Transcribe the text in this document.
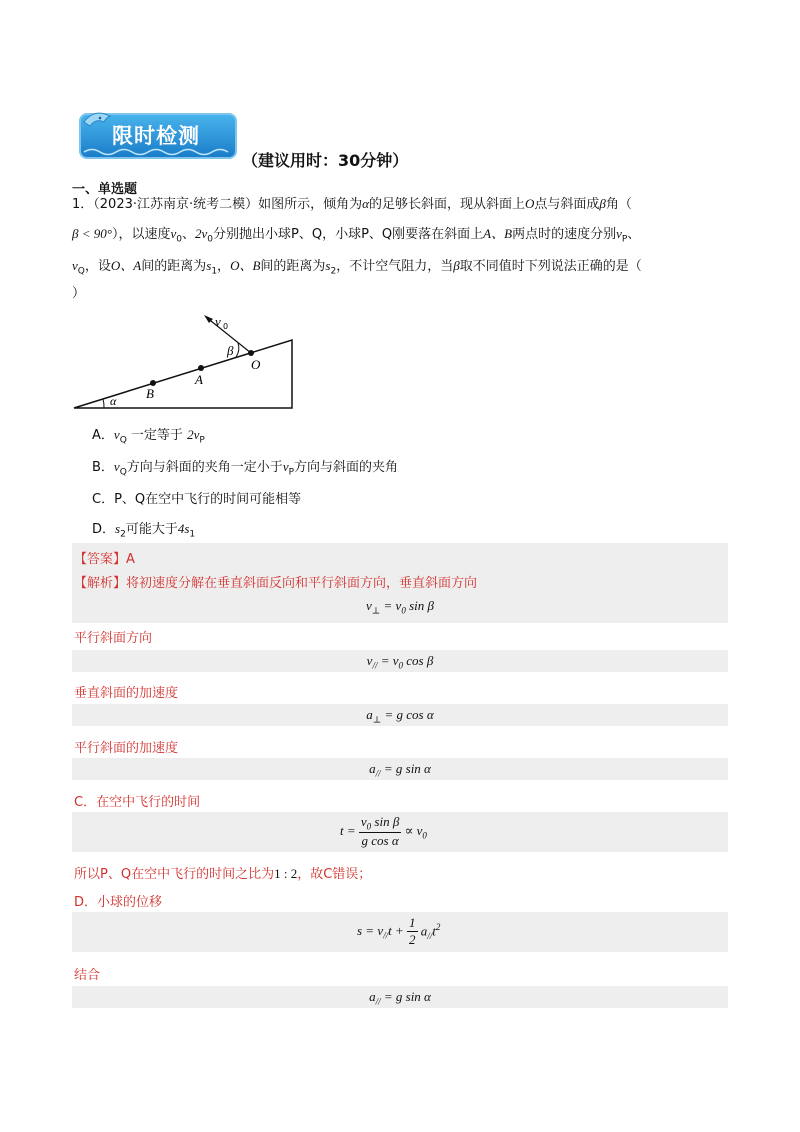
限时检测
（建议用时：30分钟）
一、单选题
1．（2023·江苏南京·统考二模）如图所示，倾角为α的足够长斜面，现从斜面上O点与斜面成β角（
β < 90°），以速度$v_0$、$2v_0$分别抛出小球P、Q，小球P、Q刚要落在斜面上A、B两点时的速度分别$v_P$、
$v_Q$，设O、A间的距离为$s_1$，O、B间的距离为$s_2$，不计空气阻力，当β取不同值时下列说法正确的是（
）
v 0
β
O
A
B
α
A．$v_Q$ 一定等于 $2v_P$
B．$v_Q$方向与斜面的夹角一定小于$v_P$方向与斜面的夹角
C．P、Q在空中飞行的时间可能相等
D．$s_2$可能大于$4s_1$
【答案】A
【解析】将初速度分解在垂直斜面反向和平行斜面方向，垂直斜面方向
$v_\perp = v_0$ sin β
平行斜面方向
$v_{//} = v_0$ cos β
垂直斜面的加速度
$a_\perp = g$ cos α
平行斜面的加速度
$a_{//} = g$ sin α
C．在空中飞行的时间
$t = \frac{v_0 \sin \beta}{\text{g cos α}} \propto v_0$
所以P、Q在空中飞行的时间之比为1 : 2，故C错误；
D．小球的位移
$s = v_{//}t + \frac{1}{2} a_{//}t^2$
结合
$a_{//} = g$ sin α
